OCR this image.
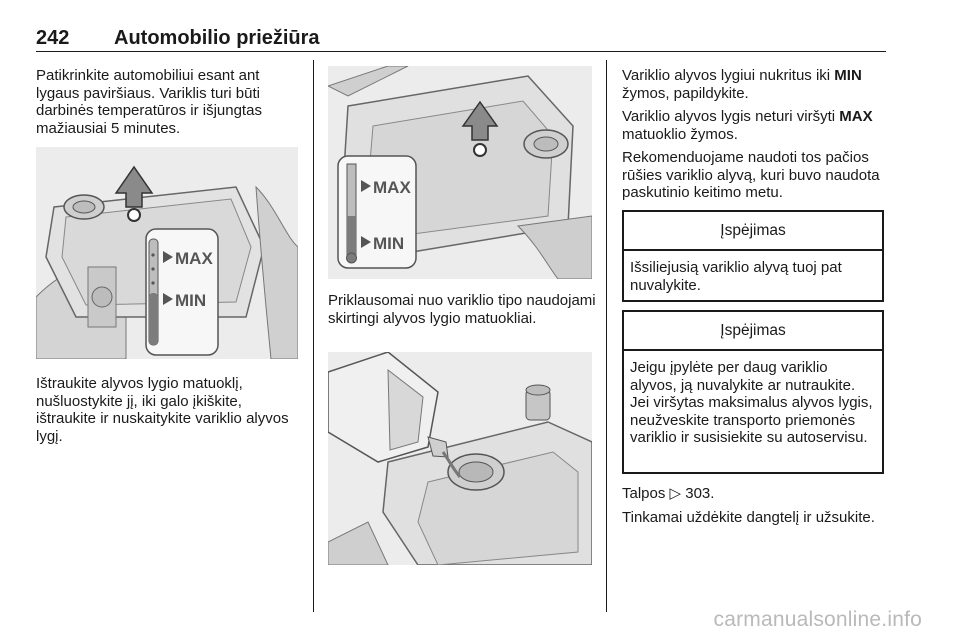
242 Automobilio priežiūra

Patikrinkite automobiliui esant ant lygaus paviršiaus. Variklis turi būti darbinės temperatūros ir išjungtas mažiausiai 5 minutes.

MAX
MIN

Ištraukite alyvos lygio matuoklį, nušluostykite jį, iki galo įkiškite, ištraukite ir nuskaitykite variklio alyvos lygį.

MAX
MIN

Priklausomai nuo variklio tipo naudojami skirtingi alyvos lygio matuokliai.

Variklio alyvos lygiui nukritus iki MIN žymos, papildykite.

Variklio alyvos lygis neturi viršyti MAX matuoklio žymos.

Rekomenduojame naudoti tos pačios rūšies variklio alyvą, kuri buvo naudota paskutinio keitimo metu.

Įspėjimas
Išsiliejusią variklio alyvą tuoj pat nuvalykite.
Įspėjimas
Jeigu įpylėte per daug variklio alyvos, ją nuvalykite ar nutraukite. Jei viršytas maksimalus alyvos lygis, neužveskite transporto priemonės variklio ir susisiekite su autoservisu.

Talpos ▷ 303.

Tinkamai uždėkite dangtelį ir užsukite.

carmanualsonline.info
